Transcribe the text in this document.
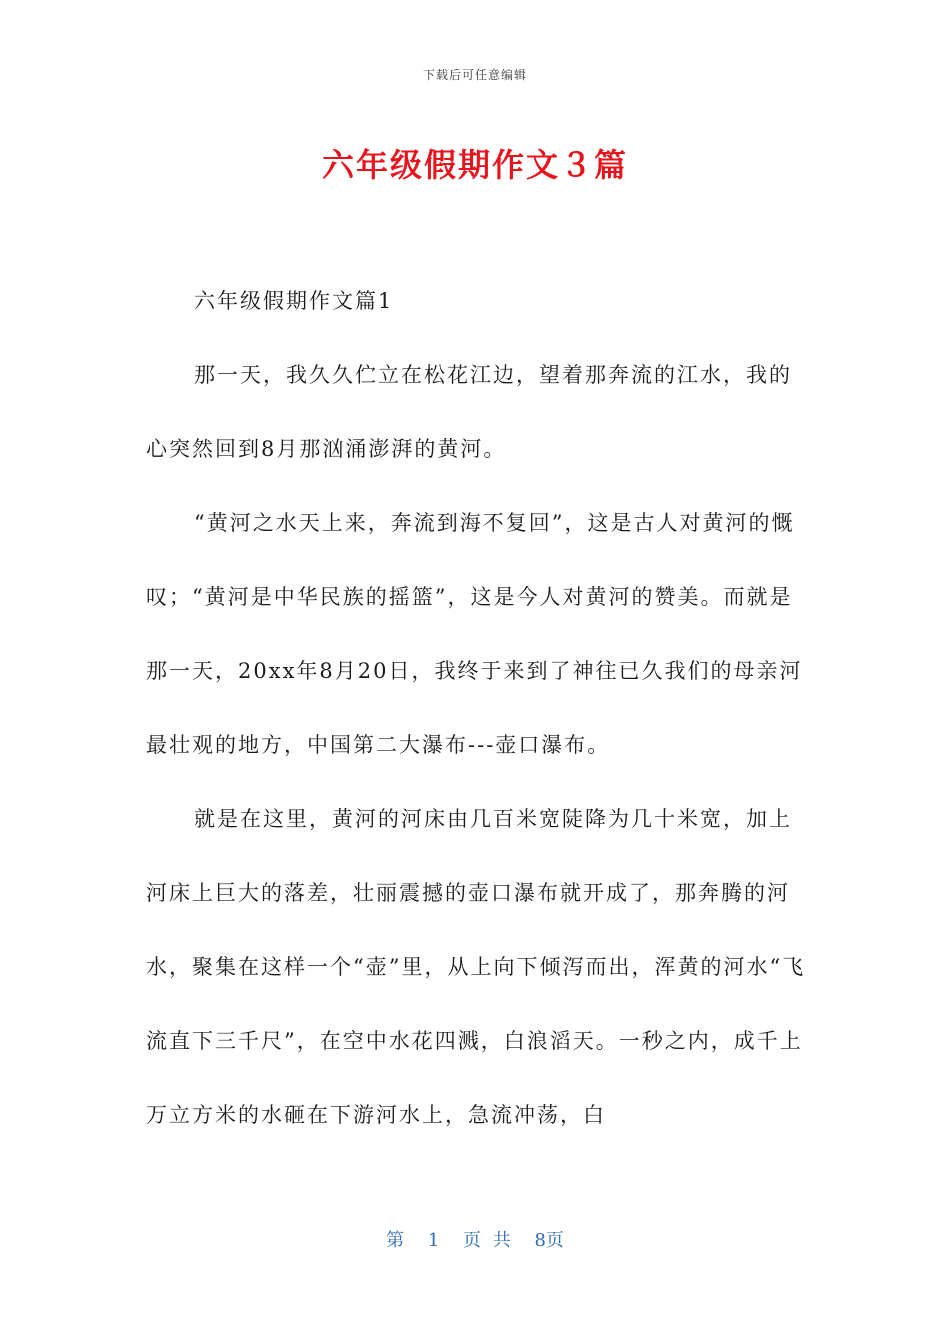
下载后可任意编辑
六年级假期作文３篇

六年级假期作文篇1

那一天，我久久伫立在松花江边，望着那奔流的江水，我的心突然回到8月那汹涌澎湃的黄河。

“黄河之水天上来，奔流到海不复回”，这是古人对黄河的慨叹；“黄河是中华民族的摇篮”，这是今人对黄河的赞美。而就是那一天，20xx年8月20日，我终于来到了神往已久我们的母亲河最壮观的地方，中国第二大瀑布---壶口瀑布。

就是在这里，黄河的河床由几百米宽陡降为几十米宽，加上河床上巨大的落差，壮丽震撼的壶口瀑布就开成了，那奔腾的河水，聚集在这样一个“壶”里，从上向下倾泻而出，浑黄的河水“飞流直下三千尺”，在空中水花四溅，白浪滔天。一秒之内，成千上万立方米的水砸在下游河水上，急流冲荡，白

第 1 页 共 8页
